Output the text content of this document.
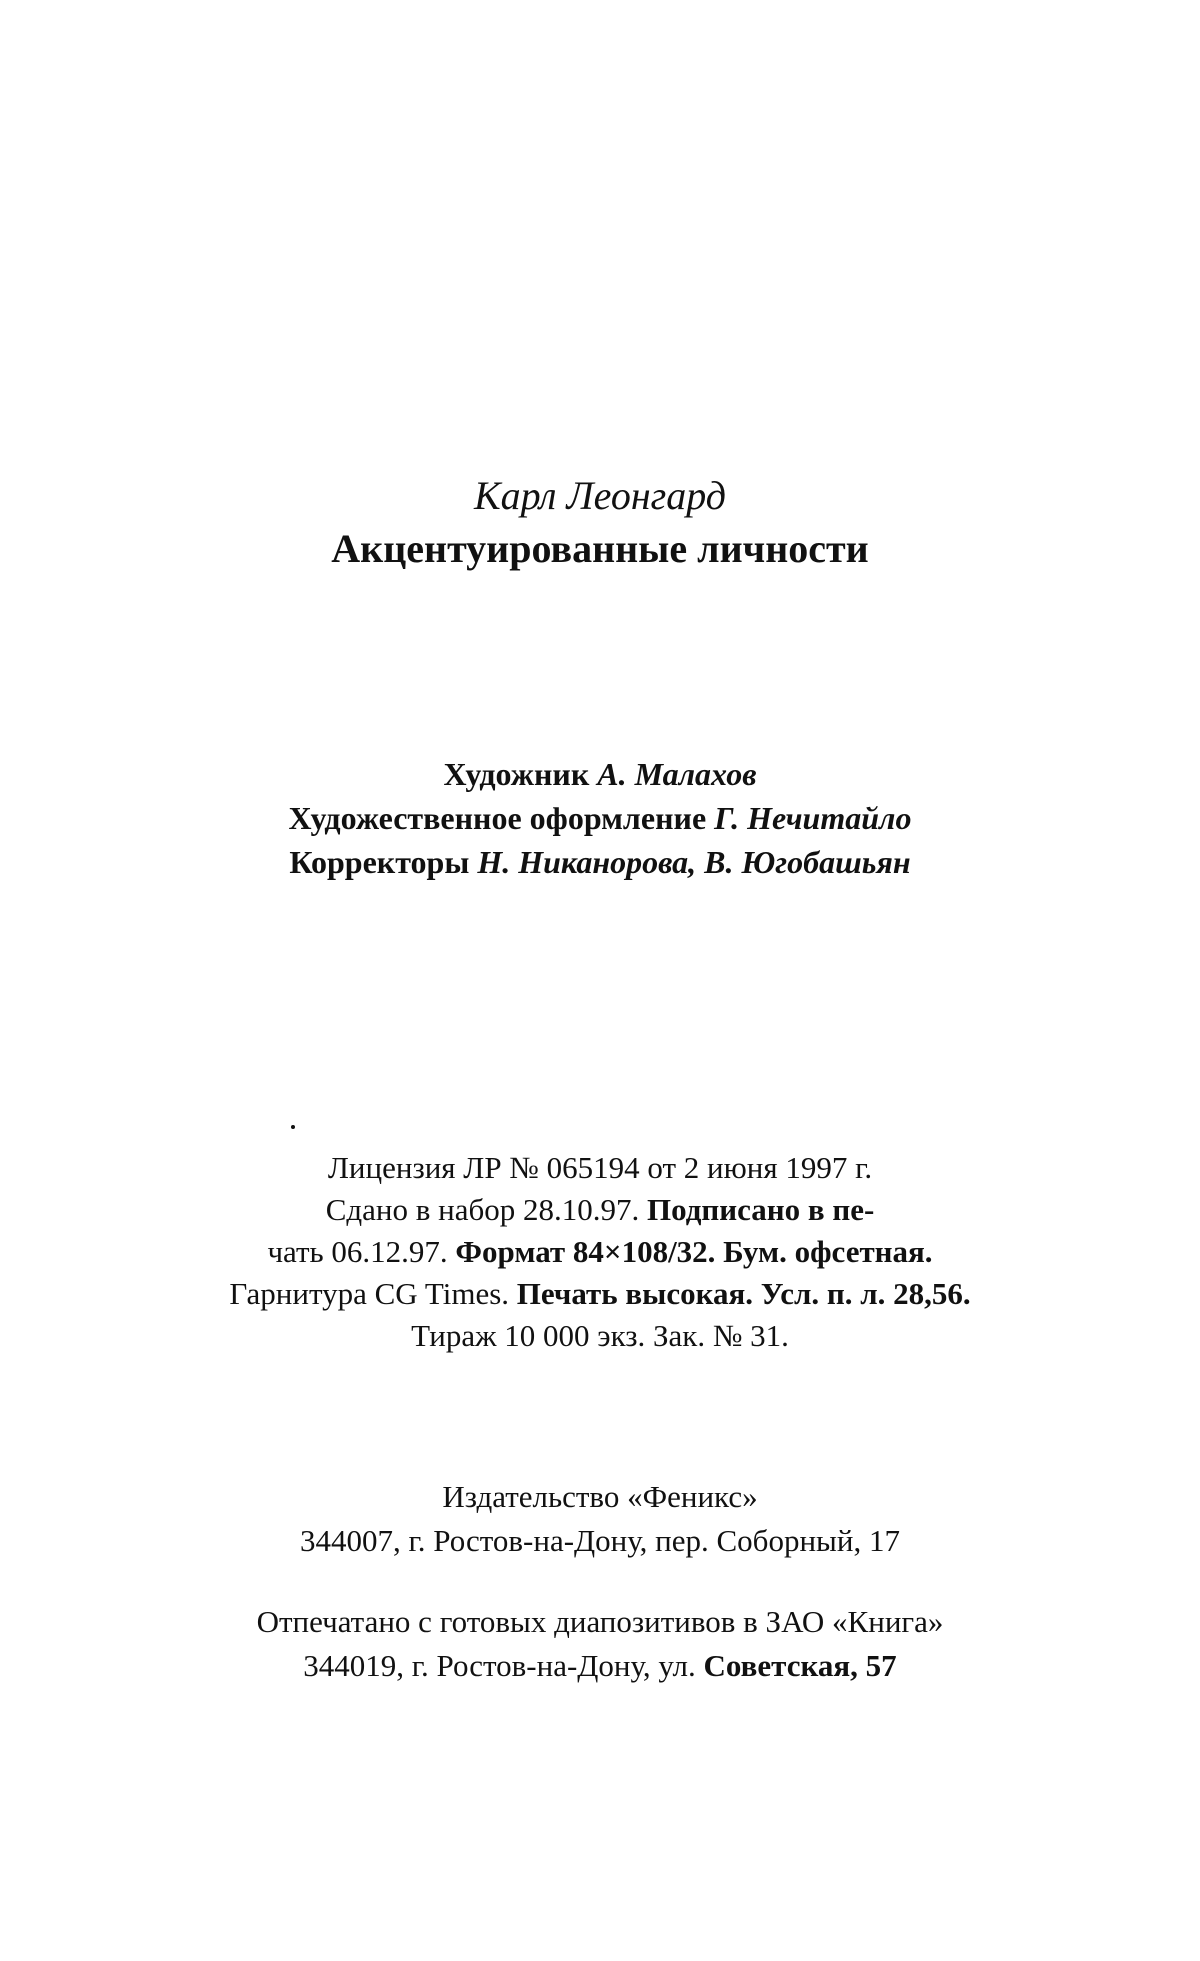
Карл Леонгард
Акцентуированные личности
Художник А. Малахов
Художественное оформление Г. Нечитайло
Корректоры Н. Никанорова, В. Югобашьян
Лицензия ЛР № 065194 от 2 июня 1997 г.
Сдано в набор 28.10.97. Подписано в пе-
чать 06.12.97. Формат 84×108/32. Бум. офсетная.
Гарнитура CG Times. Печать высокая. Усл. п. л. 28,56.
Тираж 10 000 экз. Зак. № 31.
Издательство «Феникс»
344007, г. Ростов-на-Дону, пер. Соборный, 17
Отпечатано с готовых диапозитивов в ЗАО «Книга»
344019, г. Ростов-на-Дону, ул. Советская, 57
